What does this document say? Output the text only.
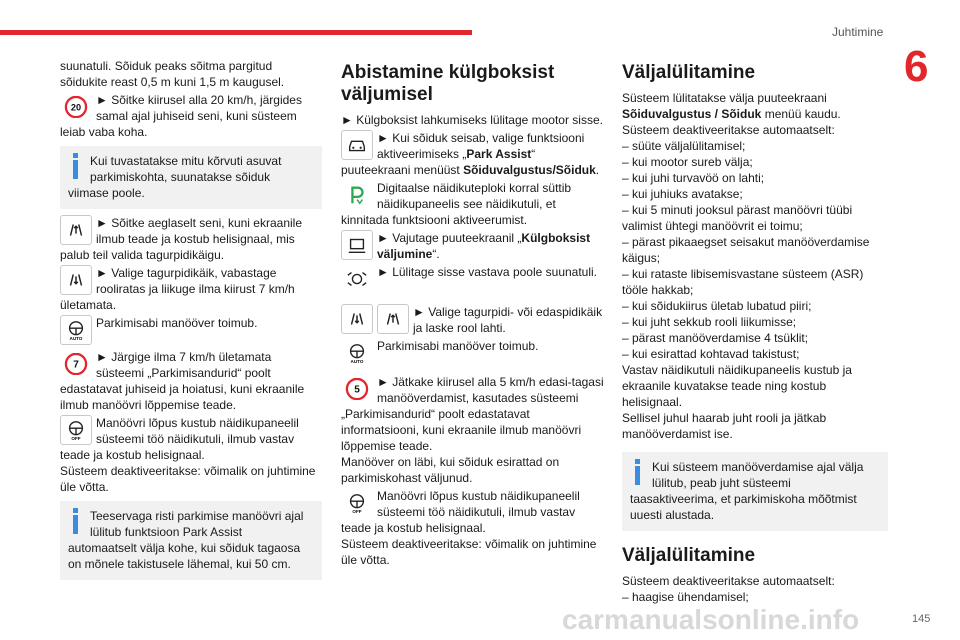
Juhtimine
6

suunatuli. Sõiduk peaks sõitma pargitud sõidukite reast 0,5 m kuni 1,5 m kaugusel.

20

► Sõitke kiirusel alla 20 km/h, järgides samal ajal juhiseid seni, kuni süsteem leiab vaba koha.

Kui tuvastatakse mitu kõrvuti asuvat parkimiskohta, suunatakse sõiduk viimase poole.

► Sõitke aeglaselt seni, kuni ekraanile ilmub teade ja kostub helisignaal, mis palub teil valida tagurpidikäigu.

► Valige tagurpidikäik, vabastage rooliratas ja liikuge ilma kiirust 7 km/h ületamata.

AUTO

Parkimisabi manööver toimub.

7

► Järgige ilma 7 km/h ületamata süsteemi „Parkimisandurid“ poolt edastatavat juhiseid ja hoiatusi, kuni ekraanile ilmub manöövri lõppemise teade.

OFF

Manöövri lõpus kustub näidikupaneelil süsteemi töö näidikutuli, ilmub vastav teade ja kostub helisignaal.

Süsteem deaktiveeritakse: võimalik on juhtimine üle võtta.

Teeservaga risti parkimise manöövri ajal lülitub funktsioon Park Assist automaatselt välja kohe, kui sõiduk tagaosa on mõnele takistusele lähemal, kui 50 cm.

Abistamine külgboksist väljumisel

► Külgboksist lahkumiseks lülitage mootor sisse.

► Kui sõiduk seisab, valige funktsiooni aktiveerimiseks „Park Assist“ puuteekraani menüüst Sõiduvalgustus/Sõiduk.

Digitaalse näidikuteploki korral süttib näidikupaneelis see näidikutuli, et kinnitada funktsiooni aktiveerumist.

► Vajutage puuteekraanil „Külgboksist väljumine“.

► Lülitage sisse vastava poole suunatuli.

► Valige tagurpidi- või edaspidikäik ja laske rool lahti.

AUTO

Parkimisabi manööver toimub.

5

► Jätkake kiirusel alla 5 km/h edasi-tagasi manööverdamist, kasutades süsteemi „Parkimisandurid“ poolt edastatavat informatsiooni, kuni ekraanile ilmub manöövri lõppemise teade.

Manööver on läbi, kui sõiduk esirattad on parkimiskohast väljunud.

OFF

Manöövri lõpus kustub näidikupaneelil süsteemi töö näidikutuli, ilmub vastav teade ja kostub helisignaal.

Süsteem deaktiveeritakse: võimalik on juhtimine üle võtta.

Väljalülitamine

Süsteem lülitatakse välja puuteekraani Sõiduvalgustus / Sõiduk menüü kaudu.

Süsteem deaktiveeritakse automaatselt:

– süüte väljalülitamisel;

– kui mootor sureb välja;

– kui juhi turvavöö on lahti;

– kui juhiuks avatakse;

– kui 5 minuti jooksul pärast manöövri tüübi valimist ühtegi manöövrit ei toimu;

– pärast pikaaegset seisakut manööverdamise käigus;

– kui rataste libisemisvastane süsteem (ASR) tööle hakkab;

– kui sõidukiirus ületab lubatud piiri;

– kui juht sekkub rooli liikumisse;

– pärast manööverdamise 4 tsüklit;

– kui esirattad kohtavad takistust;

Vastav näidikutuli näidikupaneelis kustub ja ekraanile kuvatakse teade ning kostub helisignaal.

Sellisel juhul haarab juht rooli ja jätkab manööverdamist ise.

Kui süsteem manööverdamise ajal välja lülitub, peab juht süsteemi taasaktiveerima, et parkimiskoha mõõtmist uuesti alustada.

Väljalülitamine

Süsteem deaktiveeritakse automaatselt:

– haagise ühendamisel;

carmanualsonline.info	145
